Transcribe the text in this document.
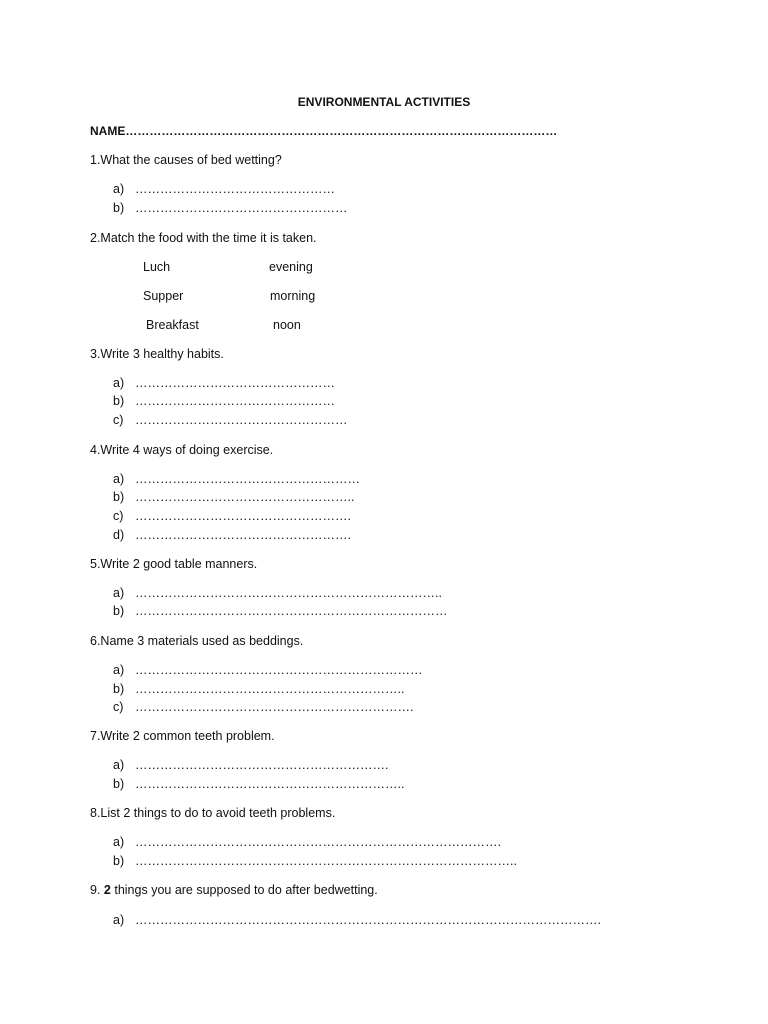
ENVIRONMENTAL ACTIVITIES
NAME………………………………………………………………………………………………
1.What the causes of bed wetting?
a) …………………………………………
b) ……………………………………………
2.Match the food with the time it is taken.
Luch	evening
Supper	morning
Breakfast	noon
3.Write 3 healthy habits.
a) …………………………………………
b) …………………………………………
c) ……………………………………………
4.Write 4 ways of doing exercise.
a) ………………………………………………
b) ……………………………………………..
c) …………………………………………….
d) …………………………………………….
5.Write 2 good table manners.
a) ………………………………………………………………..
b) …………………………………………………………………
6.Name 3 materials used as beddings.
a) ……………………………………………………………
b) ………………………………………………………..
c) ………………………………………………………….
7.Write 2 common teeth problem.
a) …………………………………………………….
b) ………………………………………………………..
8.List 2 things to do to avoid teeth problems.
a) …………………………………………………………………………….
b) ………………………………………………………………………………..
9. 2 things you are supposed to do after bedwetting.
a) ………………………………………………………………………………………………….
